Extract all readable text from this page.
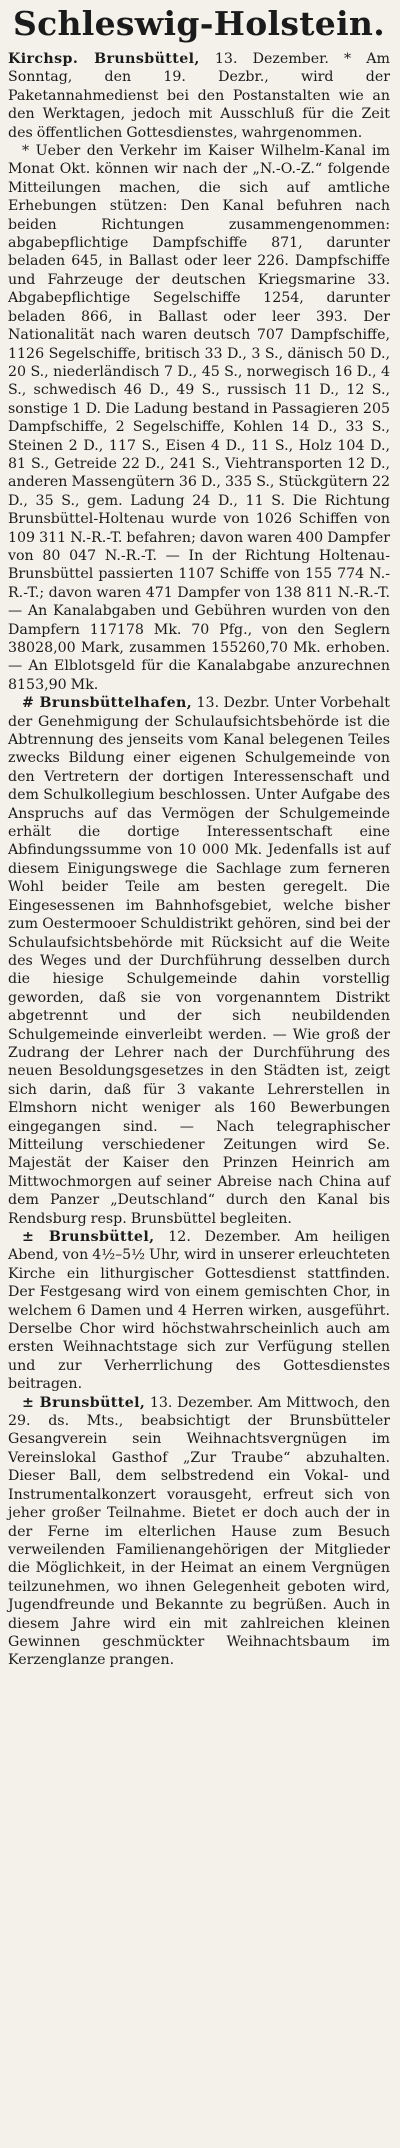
Schleswig-Holstein.

Kirchsp. Brunsbüttel, 13. Dezember. * Am Sonntag, den 19. Dezbr., wird der Paketannahmedienst bei den Postanstalten wie an den Werktagen, jedoch mit Ausschluß für die Zeit des öffentlichen Gottesdienstes, wahrgenommen.

* Ueber den Verkehr im Kaiser Wilhelm-Kanal im Monat Okt. können wir nach der „N.-O.-Z.“ folgende Mitteilungen machen, die sich auf amtliche Erhebungen stützen: Den Kanal befuhren nach beiden Richtungen zusammengenommen: abgabepflichtige Dampfschiffe 871, darunter beladen 645, in Ballast oder leer 226. Dampfschiffe und Fahrzeuge der deutschen Kriegsmarine 33. Abgabepflichtige Segelschiffe 1254, darunter beladen 866, in Ballast oder leer 393. Der Nationalität nach waren deutsch 707 Dampfschiffe, 1126 Segelschiffe, britisch 33 D., 3 S., dänisch 50 D., 20 S., niederländisch 7 D., 45 S., norwegisch 16 D., 4 S., schwedisch 46 D., 49 S., russisch 11 D., 12 S., sonstige 1 D. Die Ladung bestand in Passagieren 205 Dampfschiffe, 2 Segelschiffe, Kohlen 14 D., 33 S., Steinen 2 D., 117 S., Eisen 4 D., 11 S., Holz 104 D., 81 S., Getreide 22 D., 241 S., Viehtransporten 12 D., anderen Massengütern 36 D., 335 S., Stückgütern 22 D., 35 S., gem. Ladung 24 D., 11 S. Die Richtung Brunsbüttel-Holtenau wurde von 1026 Schiffen von 109 311 N.-R.-T. befahren; davon waren 400 Dampfer von 80 047 N.-R.-T. — In der Richtung Holtenau-Brunsbüttel passierten 1107 Schiffe von 155 774 N.-R.-T.; davon waren 471 Dampfer von 138 811 N.-R.-T. — An Kanalabgaben und Gebühren wurden von den Dampfern 117178 Mk. 70 Pfg., von den Seglern 38028,00 Mark, zusammen 155260,70 Mk. erhoben. — An Elblotsgeld für die Kanalabgabe anzurechnen 8153,90 Mk.

# Brunsbüttelhafen, 13. Dezbr. Unter Vorbehalt der Genehmigung der Schulaufsichtsbehörde ist die Abtrennung des jenseits vom Kanal belegenen Teiles zwecks Bildung einer eigenen Schulgemeinde von den Vertretern der dortigen Interessenschaft und dem Schulkollegium beschlossen. Unter Aufgabe des Anspruchs auf das Vermögen der Schulgemeinde erhält die dortige Interessentschaft eine Abfindungssumme von 10 000 Mk. Jedenfalls ist auf diesem Einigungswege die Sachlage zum ferneren Wohl beider Teile am besten geregelt. Die Eingesessenen im Bahnhofsgebiet, welche bisher zum Oestermooer Schuldistrikt gehören, sind bei der Schulaufsichtsbehörde mit Rücksicht auf die Weite des Weges und der Durchführung desselben durch die hiesige Schulgemeinde dahin vorstellig geworden, daß sie von vorgenanntem Distrikt abgetrennt und der sich neubildenden Schulgemeinde einverleibt werden. — Wie groß der Zudrang der Lehrer nach der Durchführung des neuen Besoldungsgesetzes in den Städten ist, zeigt sich darin, daß für 3 vakante Lehrerstellen in Elmshorn nicht weniger als 160 Bewerbungen eingegangen sind. — Nach telegraphischer Mitteilung verschiedener Zeitungen wird Se. Majestät der Kaiser den Prinzen Heinrich am Mittwochmorgen auf seiner Abreise nach China auf dem Panzer „Deutschland“ durch den Kanal bis Rendsburg resp. Brunsbüttel begleiten.

± Brunsbüttel, 12. Dezember. Am heiligen Abend, von 4½–5½ Uhr, wird in unserer erleuchteten Kirche ein lithurgischer Gottesdienst stattfinden. Der Festgesang wird von einem gemischten Chor, in welchem 6 Damen und 4 Herren wirken, ausgeführt. Derselbe Chor wird höchstwahrscheinlich auch am ersten Weihnachtstage sich zur Verfügung stellen und zur Verherrlichung des Gottesdienstes beitragen.

± Brunsbüttel, 13. Dezember. Am Mittwoch, den 29. ds. Mts., beabsichtigt der Brunsbütteler Gesangverein sein Weihnachtsvergnügen im Vereinslokal Gasthof „Zur Traube“ abzuhalten. Dieser Ball, dem selbstredend ein Vokal- und Instrumentalkonzert vorausgeht, erfreut sich von jeher großer Teilnahme. Bietet er doch auch der in der Ferne im elterlichen Hause zum Besuch verweilenden Familienangehörigen der Mitglieder die Möglichkeit, in der Heimat an einem Vergnügen teilzunehmen, wo ihnen Gelegenheit geboten wird, Jugendfreunde und Bekannte zu begrüßen. Auch in diesem Jahre wird ein mit zahlreichen kleinen Gewinnen geschmückter Weihnachtsbaum im Kerzenglanze prangen.
